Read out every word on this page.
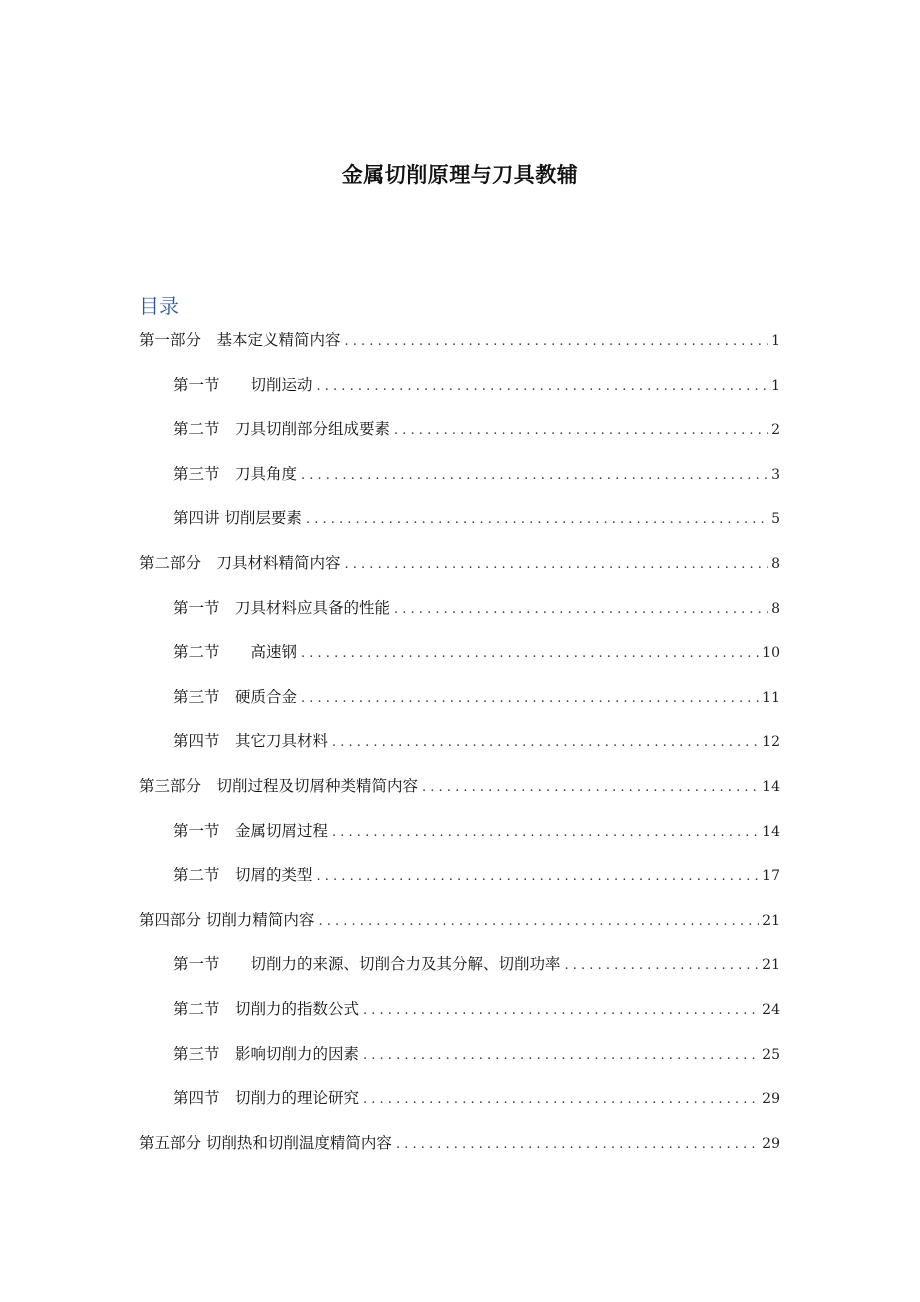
金属切削原理与刀具教辅
目录
第一部分　基本定义精简内容 . . .	1
第一节　　切削运动 . . .	1
第二节　刀具切削部分组成要素 . . .	2
第三节　刀具角度 . . .	3
第四讲 切削层要素 . . .	5
第二部分　刀具材料精简内容 . . .	8
第一节　刀具材料应具备的性能 . . .	8
第二节　　高速钢 . . .	10
第三节　硬质合金 . . .	11
第四节　其它刀具材料 . . .	12
第三部分　切削过程及切屑种类精简内容 . . .	14
第一节　金属切屑过程 . . .	14
第二节　切屑的类型 . . .	17
第四部分 切削力精简内容 . . .	21
第一节　　切削力的来源、切削合力及其分解、切削功率 . . .	21
第二节　切削力的指数公式 . . .	24
第三节　影响切削力的因素 . . .	25
第四节　切削力的理论研究 . . .	29
第五部分 切削热和切削温度精简内容 . . .	29
